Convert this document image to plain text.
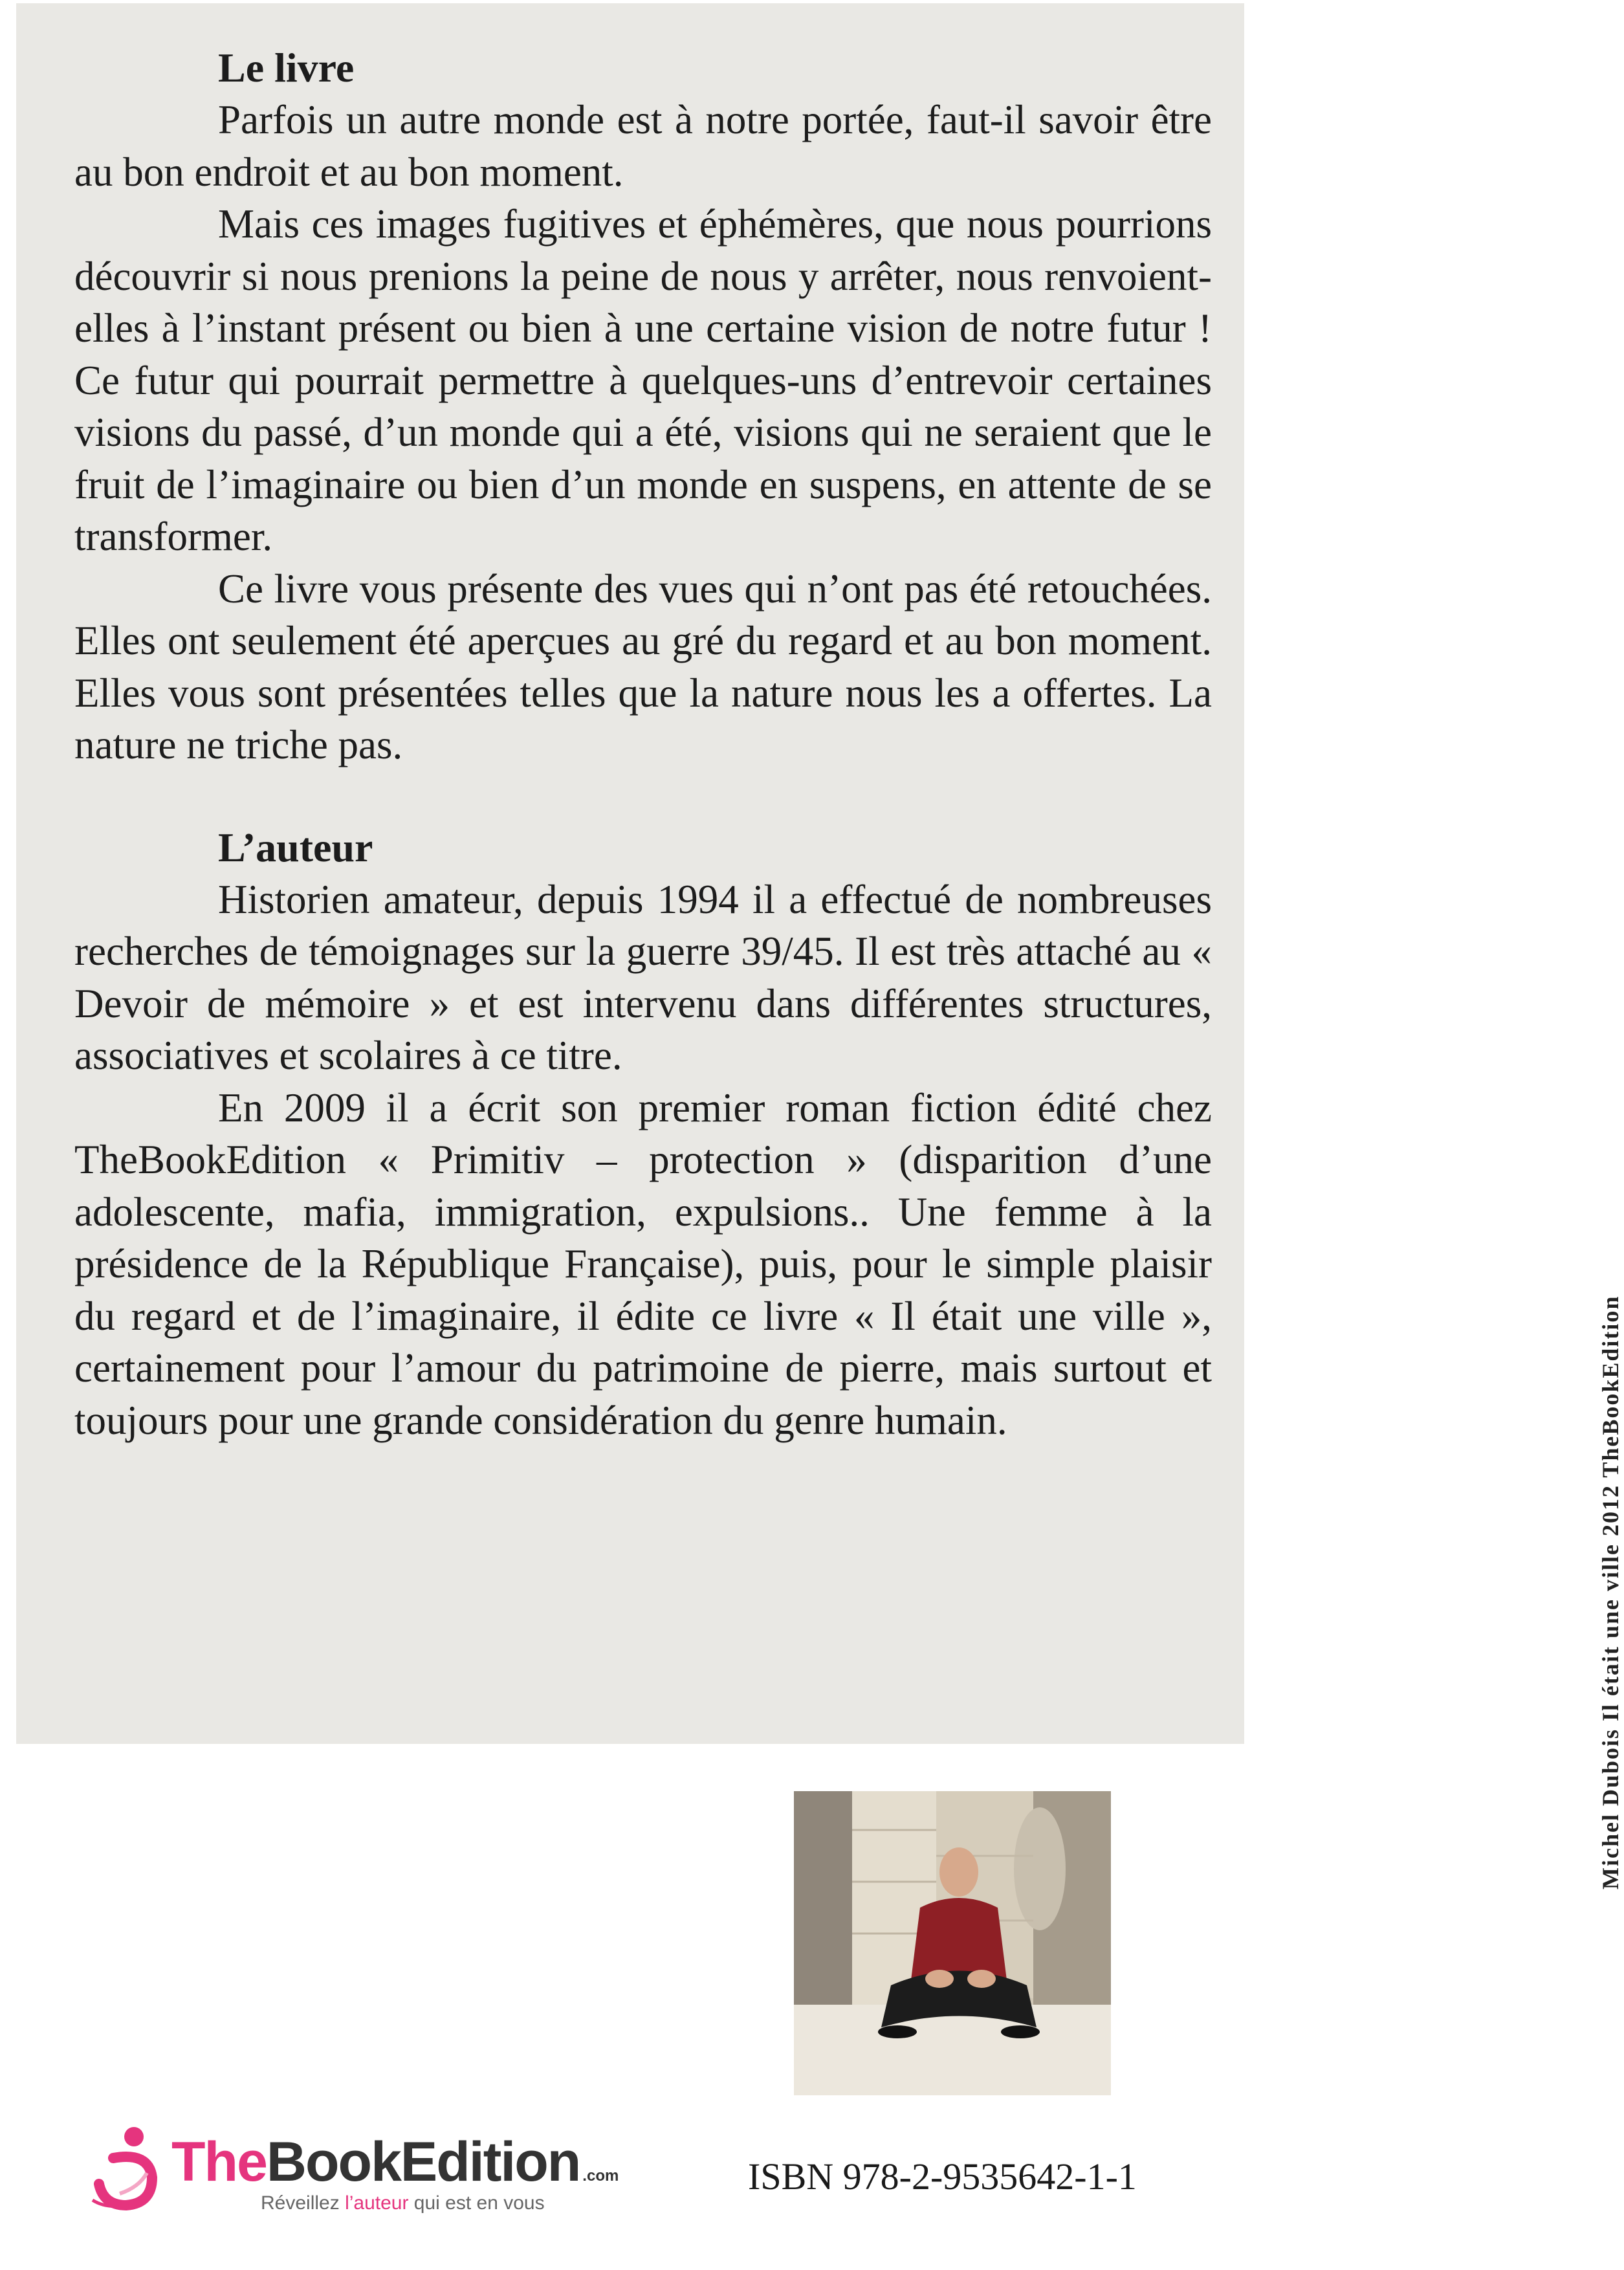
Le livre

Parfois un autre monde est à notre portée, faut-il savoir être au bon endroit et au bon moment.

Mais ces images fugitives et éphémères, que nous pourrions découvrir si nous prenions la peine de nous y arrêter, nous renvoient-elles à l’instant présent ou bien à une certaine vision de notre futur ! Ce futur qui pourrait permettre à quelques-uns d’entrevoir certaines visions du passé, d’un monde qui a été, visions qui ne seraient que le fruit de l’imaginaire ou bien d’un monde en suspens, en attente de se transformer.

Ce livre vous présente des vues qui n’ont pas été retouchées. Elles ont seulement été aperçues au gré du regard et au bon moment. Elles vous sont présentées telles que la nature nous les a offertes. La nature ne triche pas.

L’auteur

Historien amateur, depuis 1994 il a effectué de nombreuses recherches de témoignages sur la guerre 39/45. Il est très attaché au « Devoir de mémoire » et est intervenu dans différentes structures, associatives et scolaires à ce titre.

En 2009 il a écrit son premier roman fiction édité chez TheBookEdition « Primitiv – protection » (disparition d’une adolescente, mafia, immigration, expulsions.. Une femme à la présidence de la République Française), puis, pour le simple plaisir du regard et de l’imaginaire, il édite ce livre « Il était une ville », certainement pour l’amour du patrimoine de pierre, mais surtout et toujours pour une grande considération du genre humain.	Michel Dubois Il était une ville 2012 TheBookEdition
TheBookEdition .com
Réveillez l’auteur qui est en vous
ISBN 978-2-9535642-1-1
